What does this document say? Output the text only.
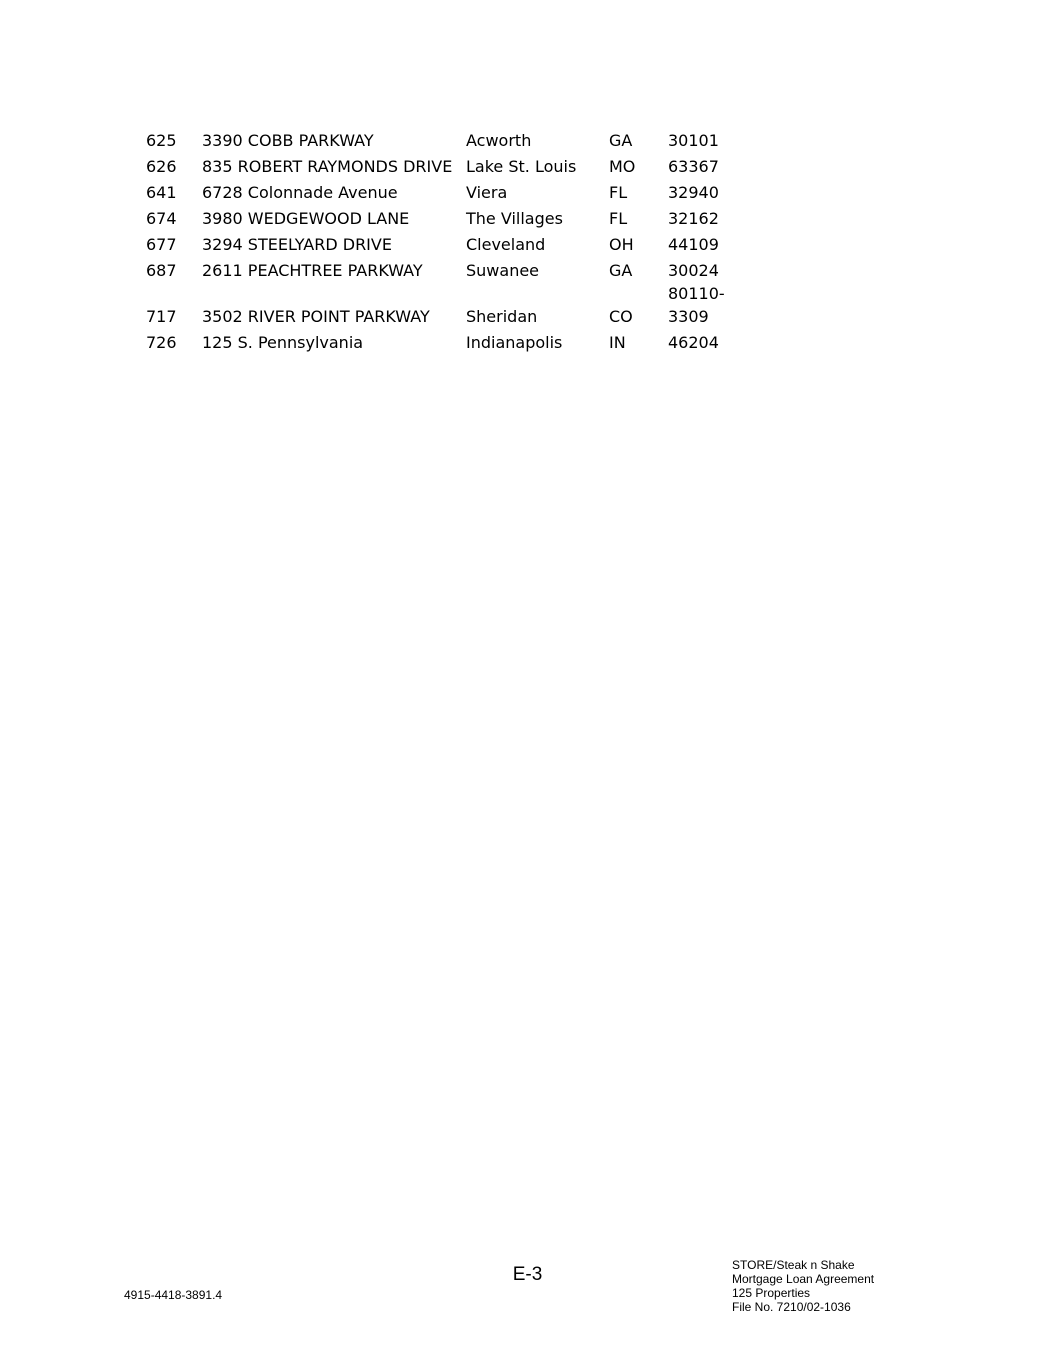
625	3390 COBB PARKWAY	Acworth	GA	30101
626	835 ROBERT RAYMONDS DRIVE	Lake St. Louis	MO	63367
641	6728 Colonnade Avenue	Viera	FL	32940
674	3980 WEDGEWOOD LANE	The Villages	FL	32162
677	3294 STEELYARD DRIVE	Cleveland	OH	44109
687	2611 PEACHTREE PARKWAY	Suwanee	GA	30024
717	3502 RIVER POINT PARKWAY	Sheridan	CO	80110-
3309
726	125 S. Pennsylvania	Indianapolis	IN	46204
E-3
4915-4418-3891.4
STORE/Steak n Shake
Mortgage Loan Agreement
125 Properties
File No. 7210/02-1036
